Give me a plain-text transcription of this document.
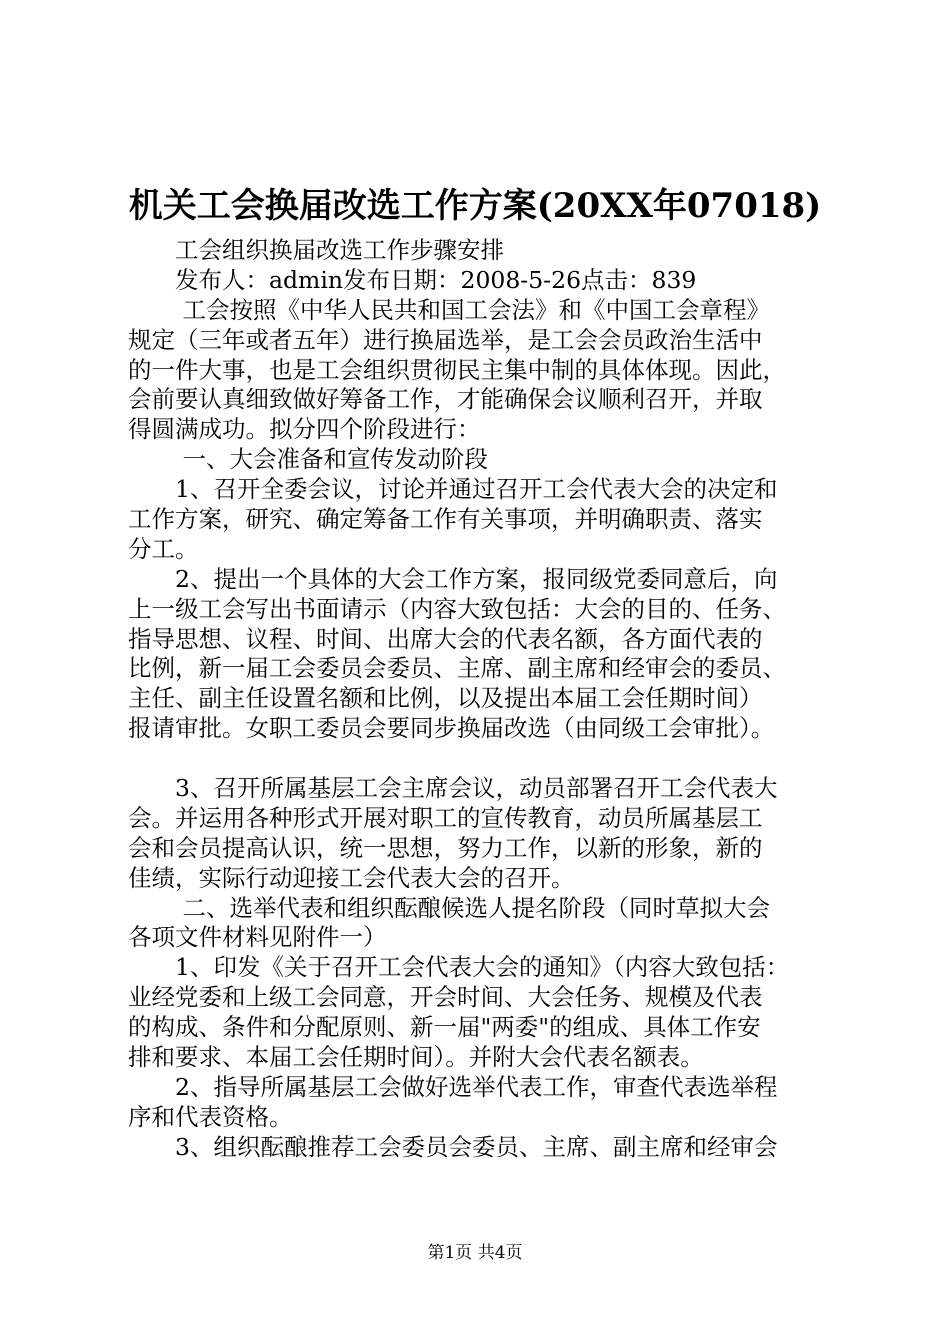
机关工会换届改选工作方案(20XX年07018)
　　工会组织换届改选工作步骤安排
　　发布人：admin发布日期：2008-5-26点击：839
　　 工会按照《中华人民共和国工会法》和《中国工会章程》
规定（三年或者五年）进行换届选举，是工会会员政治生活中
的一件大事，也是工会组织贯彻民主集中制的具体体现。因此，
会前要认真细致做好筹备工作，才能确保会议顺利召开，并取
得圆满成功。拟分四个阶段进行：
　　 一、大会准备和宣传发动阶段
　　1、召开全委会议，讨论并通过召开工会代表大会的决定和
工作方案，研究、确定筹备工作有关事项，并明确职责、落实
分工。
　　2、提出一个具体的大会工作方案，报同级党委同意后，向
上一级工会写出书面请示（内容大致包括：大会的目的、任务、
指导思想、议程、时间、出席大会的代表名额，各方面代表的
比例，新一届工会委员会委员、主席、副主席和经审会的委员、
主任、副主任设置名额和比例，以及提出本届工会任期时间）
报请审批。女职工委员会要同步换届改选（由同级工会审批）。
　　3、召开所属基层工会主席会议，动员部署召开工会代表大
会。并运用各种形式开展对职工的宣传教育，动员所属基层工
会和会员提高认识，统一思想，努力工作，以新的形象，新的
佳绩，实际行动迎接工会代表大会的召开。
　　 二、选举代表和组织酝酿候选人提名阶段（同时草拟大会
各项文件材料见附件一）
　　1、印发《关于召开工会代表大会的通知》（内容大致包括：
业经党委和上级工会同意，开会时间、大会任务、规模及代表
的构成、条件和分配原则、新一届"两委"的组成、具体工作安
排和要求、本届工会任期时间）。并附大会代表名额表。
　　2、指导所属基层工会做好选举代表工作，审查代表选举程
序和代表资格。
　　3、组织酝酿推荐工会委员会委员、主席、副主席和经审会
第1页 共4页
